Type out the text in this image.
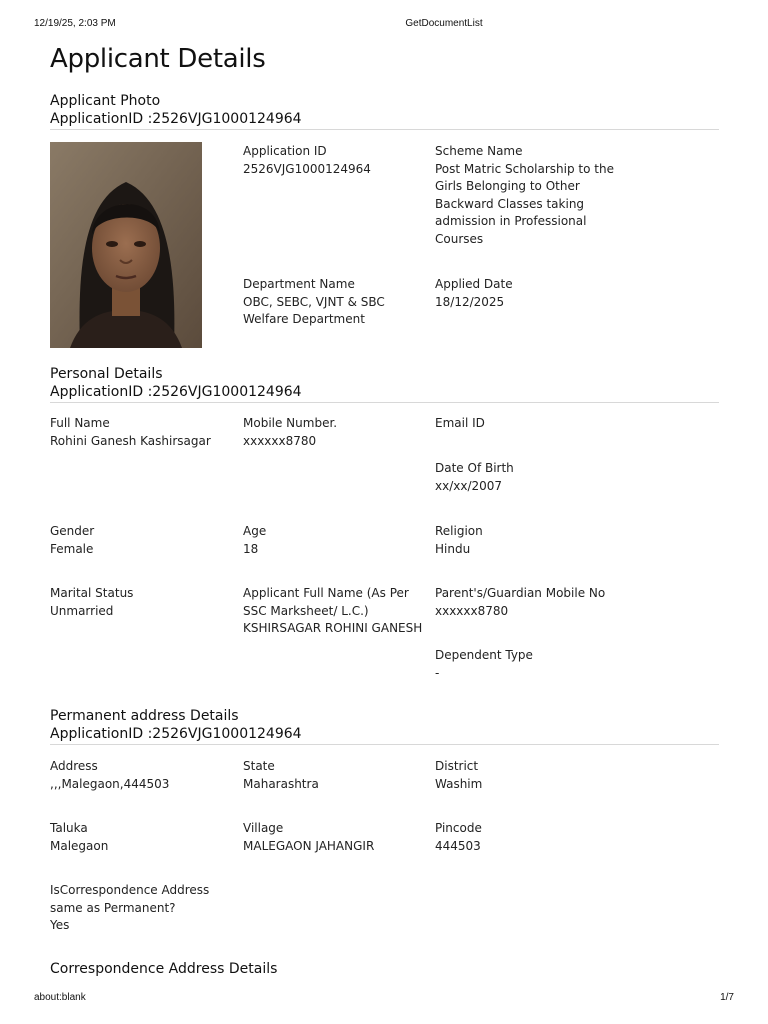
12/19/25, 2:03 PM	GetDocumentList
Applicant Details
Applicant Photo
ApplicationID :2526VJG1000124964
Application ID
2526VJG1000124964
Scheme Name
Post Matric Scholarship to the Girls Belonging to Other Backward Classes taking admission in Professional Courses
Department Name
OBC, SEBC, VJNT & SBC Welfare Department
Applied Date
18/12/2025
Personal Details
ApplicationID :2526VJG1000124964
Full Name
Rohini Ganesh Kashirsagar
Mobile Number.
xxxxxx8780
Email ID
Date Of Birth
xx/xx/2007
Gender
Female
Age
18
Religion
Hindu
Marital Status
Unmarried
Applicant Full Name (As Per SSC Marksheet/ L.C.)
KSHIRSAGAR ROHINI GANESH
Parent's/Guardian Mobile No
xxxxxx8780
Dependent Type
-
Permanent address Details
ApplicationID :2526VJG1000124964
Address
,,,Malegaon,444503
State
Maharashtra
District
Washim
Taluka
Malegaon
Village
MALEGAON JAHANGIR
Pincode
444503
IsCorrespondence Address same as Permanent?
Yes
Correspondence Address Details
about:blank	1/7
